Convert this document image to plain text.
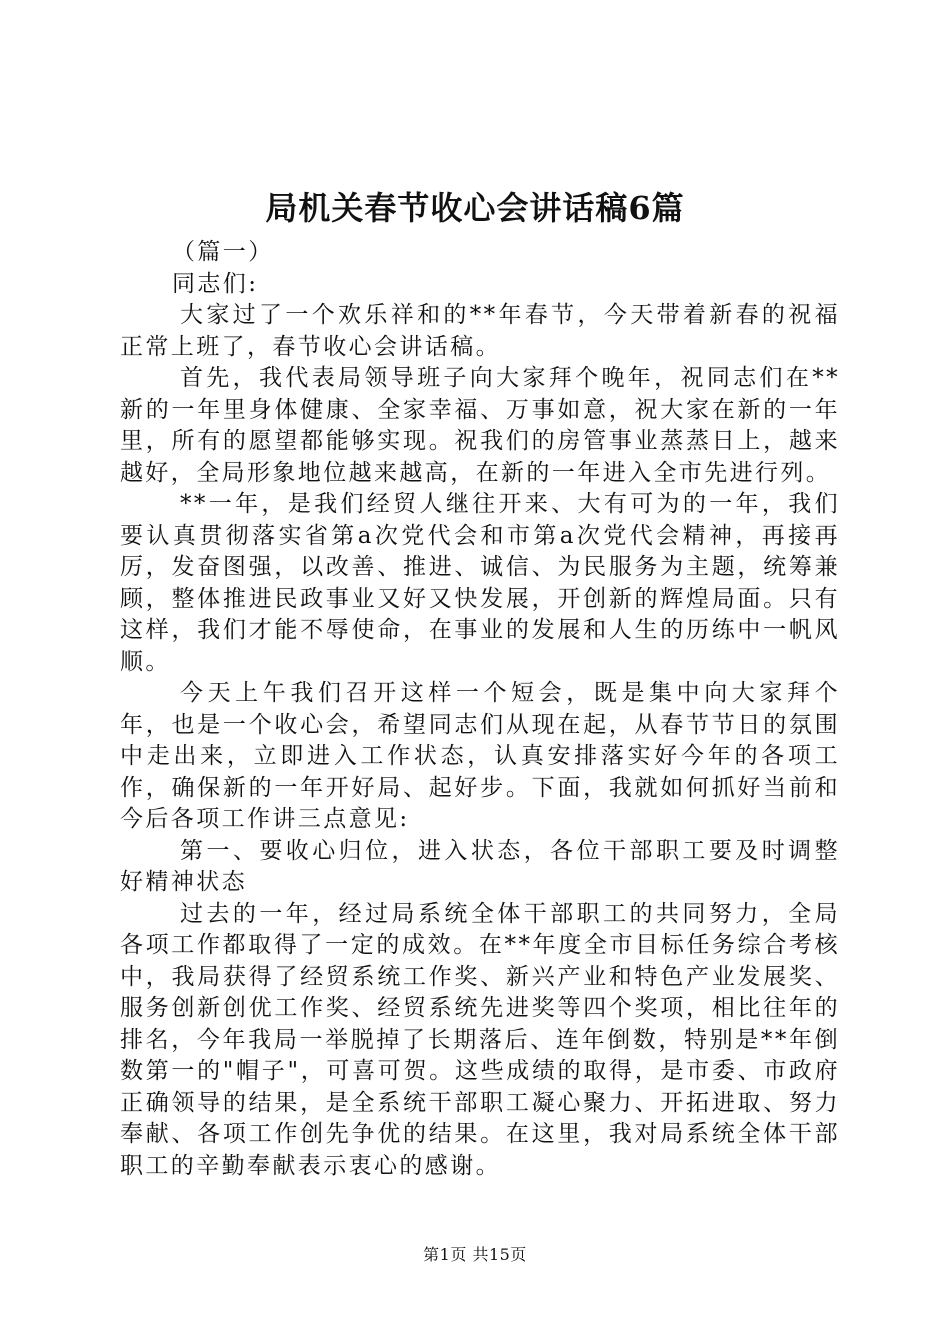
局机关春节收心会讲话稿6篇

（篇一）

同志们:

大家过了一个欢乐祥和的**年春节，今天带着新春的祝福正常上班了，春节收心会讲话稿。

首先，我代表局领导班子向大家拜个晚年，祝同志们在**新的一年里身体健康、全家幸福、万事如意，祝大家在新的一年里，所有的愿望都能够实现。祝我们的房管事业蒸蒸日上，越来越好，全局形象地位越来越高，在新的一年进入全市先进行列。

**一年，是我们经贸人继往开来、大有可为的一年，我们要认真贯彻落实省第a次党代会和市第a次党代会精神，再接再厉，发奋图强，以改善、推进、诚信、为民服务为主题，统筹兼顾，整体推进民政事业又好又快发展，开创新的辉煌局面。只有这样，我们才能不辱使命，在事业的发展和人生的历练中一帆风顺。

今天上午我们召开这样一个短会，既是集中向大家拜个年，也是一个收心会，希望同志们从现在起，从春节节日的氛围中走出来，立即进入工作状态，认真安排落实好今年的各项工作，确保新的一年开好局、起好步。下面，我就如何抓好当前和今后各项工作讲三点意见:

第一、要收心归位，进入状态，各位干部职工要及时调整好精神状态

过去的一年，经过局系统全体干部职工的共同努力，全局各项工作都取得了一定的成效。在**年度全市目标任务综合考核中，我局获得了经贸系统工作奖、新兴产业和特色产业发展奖、服务创新创优工作奖、经贸系统先进奖等四个奖项，相比往年的排名，今年我局一举脱掉了长期落后、连年倒数，特别是**年倒数第一的"帽子"，可喜可贺。这些成绩的取得，是市委、市政府正确领导的结果，是全系统干部职工凝心聚力、开拓进取、努力奉献、各项工作创先争优的结果。在这里，我对局系统全体干部职工的辛勤奉献表示衷心的感谢。

第1页 共15页
